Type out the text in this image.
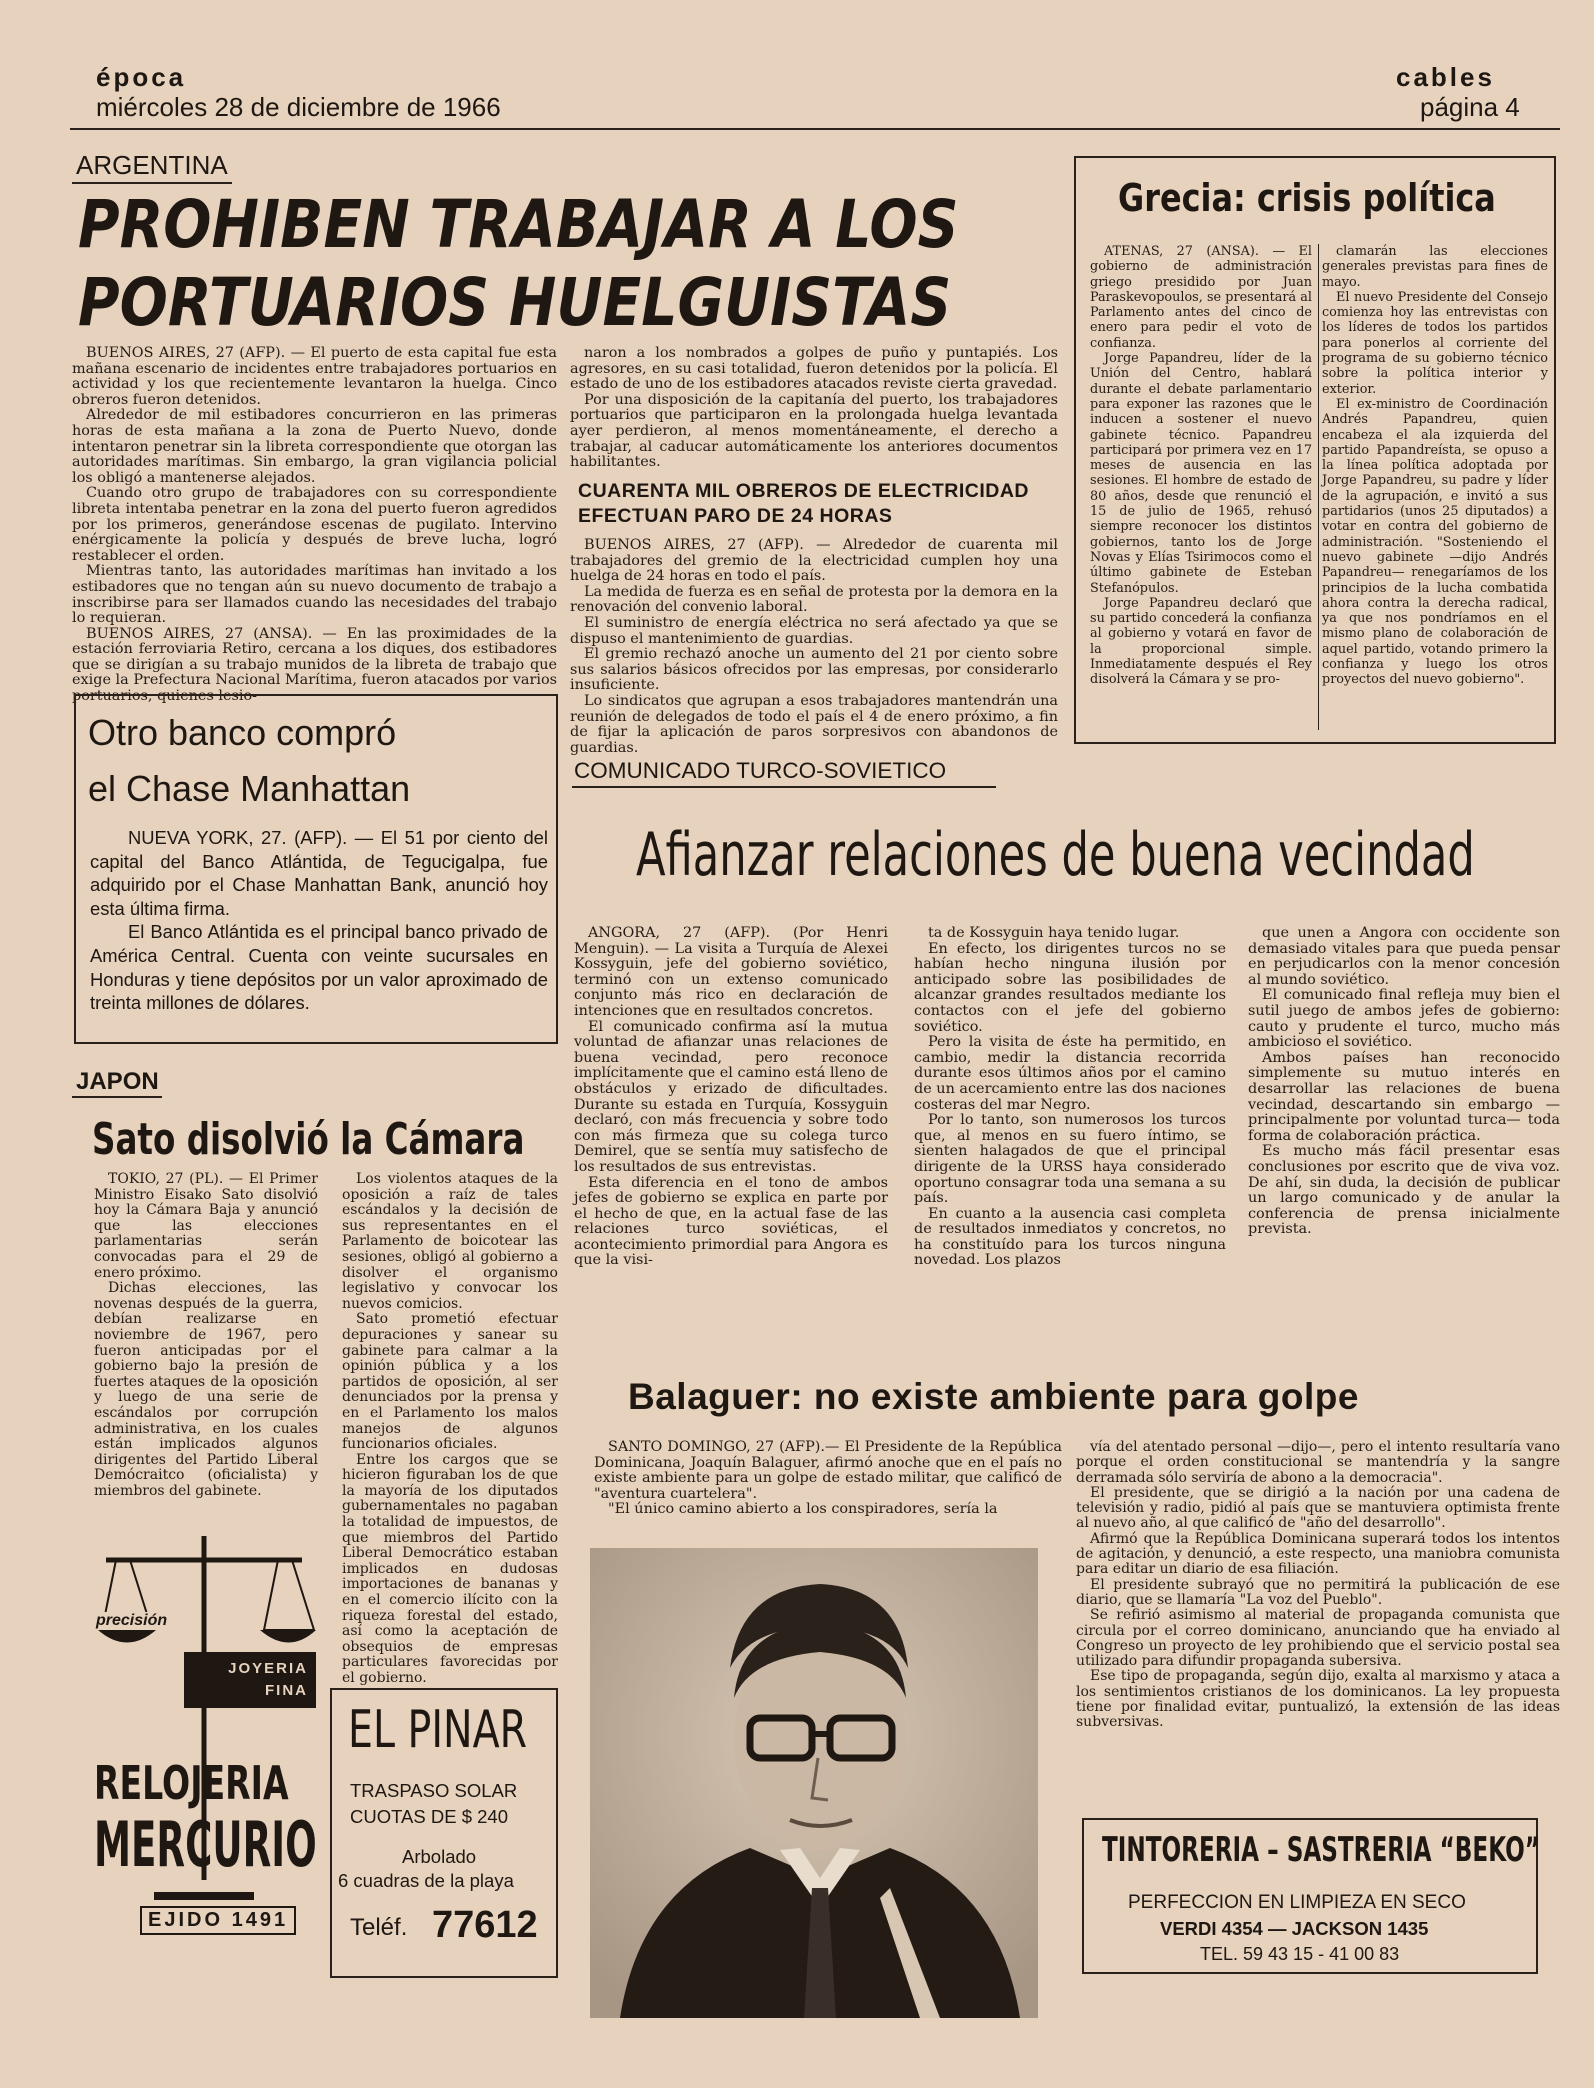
época
miércoles 28 de diciembre de 1966
cables
página 4
ARGENTINA
PROHIBEN TRABAJAR A LOS
PORTUARIOS HUELGUISTAS

BUENOS AIRES, 27 (AFP). — El puerto de esta capital fue esta mañana escenario de incidentes entre trabajadores portuarios en actividad y los que recientemente levantaron la huelga. Cinco obreros fueron detenidos.

Alrededor de mil estibadores concurrieron en las primeras horas de esta mañana a la zona de Puerto Nuevo, donde intentaron penetrar sin la libreta correspondiente que otorgan las autoridades marítimas. Sin embargo, la gran vigilancia policial los obligó a mantenerse alejados.

Cuando otro grupo de trabajadores con su correspondiente libreta intentaba penetrar en la zona del puerto fueron agredidos por los primeros, generándose escenas de pugilato. Intervino enérgicamente la policía y después de breve lucha, logró restablecer el orden.

Mientras tanto, las autoridades marítimas han invitado a los estibadores que no tengan aún su nuevo documento de trabajo a inscribirse para ser llamados cuando las necesidades del trabajo lo requieran.

BUENOS AIRES, 27 (ANSA). — En las proximidades de la estación ferroviaria Retiro, cercana a los diques, dos estibadores que se dirigían a su trabajo munidos de la libreta de trabajo que exige la Prefectura Nacional Marítima, fueron atacados por varios portuarios, quienes lesio-

naron a los nombrados a golpes de puño y puntapiés. Los agresores, en su casi totalidad, fueron detenidos por la policía. El estado de uno de los estibadores atacados reviste cierta gravedad.

Por una disposición de la capitanía del puerto, los trabajadores portuarios que participaron en la prolongada huelga levantada ayer perdieron, al menos momentáneamente, el derecho a trabajar, al caducar automáticamente los anteriores documentos habilitantes.

CUARENTA MIL OBREROS DE ELECTRICIDAD
EFECTUAN PARO DE 24 HORAS

BUENOS AIRES, 27 (AFP). — Alrededor de cuarenta mil trabajadores del gremio de la electricidad cumplen hoy una huelga de 24 horas en todo el país.

La medida de fuerza es en señal de protesta por la demora en la renovación del convenio laboral.

El suministro de energía eléctrica no será afectado ya que se dispuso el mantenimiento de guardias.

El gremio rechazó anoche un aumento del 21 por ciento sobre sus salarios básicos ofrecidos por las empresas, por considerarlo insuficiente.

Lo sindicatos que agrupan a esos trabajadores mantendrán una reunión de delegados de todo el país el 4 de enero próximo, a fin de fijar la aplicación de paros sorpresivos con abandonos de guardias.

Grecia: crisis política

ATENAS, 27 (ANSA). — El gobierno de administración griego presidido por Juan Paraskevopoulos, se presentará al Parlamento antes del cinco de enero para pedir el voto de confianza.

Jorge Papandreu, líder de la Unión del Centro, hablará durante el debate parlamentario para exponer las razones que le inducen a sostener el nuevo gabinete técnico. Papandreu participará por primera vez en 17 meses de ausencia en las sesiones. El hombre de estado de 80 años, desde que renunció el 15 de julio de 1965, rehusó siempre reconocer los distintos gobiernos, tanto los de Jorge Novas y Elías Tsirimocos como el último gabinete de Esteban Stefanópulos.

Jorge Papandreu declaró que su partido concederá la confianza al gobierno y votará en favor de la proporcional simple. Inmediatamente después el Rey disolverá la Cámara y se pro-

clamarán las elecciones generales previstas para fines de mayo.

El nuevo Presidente del Consejo comienza hoy las entrevistas con los líderes de todos los partidos para ponerlos al corriente del programa de su gobierno técnico sobre la política interior y exterior.

El ex-ministro de Coordinación Andrés Papandreu, quien encabeza el ala izquierda del partido Papandreísta, se opuso a la línea política adoptada por Jorge Papandreu, su padre y líder de la agrupación, e invitó a sus partidarios (unos 25 diputados) a votar en contra del gobierno de administración. "Sosteniendo el nuevo gabinete —dijo Andrés Papandreu— renegaríamos de los principios de la lucha combatida ahora contra la derecha radical, ya que nos pondríamos en el mismo plano de colaboración de aquel partido, votando primero la confianza y luego los otros proyectos del nuevo gobierno".

Otro banco compró
el Chase Manhattan

NUEVA YORK, 27. (AFP). — El 51 por ciento del capital del Banco Atlántida, de Tegucigalpa, fue adquirido por el Chase Manhattan Bank, anunció hoy esta última firma.

El Banco Atlántida es el principal banco privado de América Central. Cuenta con veinte sucursales en Honduras y tiene depósitos por un valor aproximado de treinta millones de dólares.

COMUNICADO TURCO-SOVIETICO
Afianzar relaciones de buena vecindad

ANGORA, 27 (AFP). (Por Henri Menguin). — La visita a Turquía de Alexei Kossyguin, jefe del gobierno soviético, terminó con un extenso comunicado conjunto más rico en declaración de intenciones que en resultados concretos.

El comunicado confirma así la mutua voluntad de afianzar unas relaciones de buena vecindad, pero reconoce implícitamente que el camino está lleno de obstáculos y erizado de dificultades. Durante su estada en Turquía, Kossyguin declaró, con más frecuencia y sobre todo con más firmeza que su colega turco Demirel, que se sentía muy satisfecho de los resultados de sus entrevistas.

Esta diferencia en el tono de ambos jefes de gobierno se explica en parte por el hecho de que, en la actual fase de las relaciones turco soviéticas, el acontecimiento primordial para Angora es que la visi-

ta de Kossyguin haya tenido lugar.

En efecto, los dirigentes turcos no se habían hecho ninguna ilusión por anticipado sobre las posibilidades de alcanzar grandes resultados mediante los contactos con el jefe del gobierno soviético.

Pero la visita de éste ha permitido, en cambio, medir la distancia recorrida durante esos últimos años por el camino de un acercamiento entre las dos naciones costeras del mar Negro.

Por lo tanto, son numerosos los turcos que, al menos en su fuero íntimo, se sienten halagados de que el principal dirigente de la URSS haya considerado oportuno consagrar toda una semana a su país.

En cuanto a la ausencia casi completa de resultados inmediatos y concretos, no ha constituído para los turcos ninguna novedad. Los plazos

que unen a Angora con occidente son demasiado vitales para que pueda pensar en perjudicarlos con la menor concesión al mundo soviético.

El comunicado final refleja muy bien el sutil juego de ambos jefes de gobierno: cauto y prudente el turco, mucho más ambicioso el soviético.

Ambos países han reconocido simplemente su mutuo interés en desarrollar las relaciones de buena vecindad, descartando sin embargo —principalmente por voluntad turca— toda forma de colaboración práctica.

Es mucho más fácil presentar esas conclusiones por escrito que de viva voz. De ahí, sin duda, la decisión de publicar un largo comunicado y de anular la conferencia de prensa inicialmente prevista.

JAPON
Sato disolvió la Cámara

TOKIO, 27 (PL). — El Primer Ministro Eisako Sato disolvió hoy la Cámara Baja y anunció que las elecciones parlamentarias serán convocadas para el 29 de enero próximo.

Dichas elecciones, las novenas después de la guerra, debían realizarse en noviembre de 1967, pero fueron anticipadas por el gobierno bajo la presión de fuertes ataques de la oposición y luego de una serie de escándalos por corrupción administrativa, en los cuales están implicados algunos dirigentes del Partido Liberal Demócraitco (oficialista) y miembros del gabinete.

Los violentos ataques de la oposición a raíz de tales escándalos y la decisión de sus representantes en el Parlamento de boicotear las sesiones, obligó al gobierno a disolver el organismo legislativo y convocar los nuevos comicios.

Sato prometió efectuar depuraciones y sanear su gabinete para calmar a la opinión pública y a los partidos de oposición, al ser denunciados por la prensa y en el Parlamento los malos manejos de algunos funcionarios oficiales.

Entre los cargos que se hicieron figuraban los de que la mayoría de los diputados gubernamentales no pagaban la totalidad de impuestos, de que miembros del Partido Liberal Democrático estaban implicados en dudosas importaciones de bananas y en el comercio ilícito con la riqueza forestal del estado, así como la aceptación de obsequios de empresas particulares favorecidas por el gobierno.

precisión
JOYERIA
FINA
RELOJERIA
MERCURIO
EJIDO 1491
EL PINAR
TRASPASO SOLAR
CUOTAS DE $ 240
Arbolado
6 cuadras de la playa
Teléf. 77612
Balaguer: no existe ambiente para golpe

SANTO DOMINGO, 27 (AFP).— El Presidente de la República Dominicana, Joaquín Balaguer, afirmó anoche que en el país no existe ambiente para un golpe de estado militar, que calificó de "aventura cuartelera".

"El único camino abierto a los conspiradores, sería la

vía del atentado personal —dijo—, pero el intento resultaría vano porque el orden constitucional se mantendría y la sangre derramada sólo serviría de abono a la democracia".

El presidente, que se dirigió a la nación por una cadena de televisión y radio, pidió al país que se mantuviera optimista frente al nuevo año, al que calificó de "año del desarrollo".

Afirmó que la República Dominicana superará todos los intentos de agitación, y denunció, a este respecto, una maniobra comunista para editar un diario de esa filiación.

El presidente subrayó que no permitirá la publicación de ese diario, que se llamaría "La voz del Pueblo".

Se refirió asimismo al material de propaganda comunista que circula por el correo dominicano, anunciando que ha enviado al Congreso un proyecto de ley prohibiendo que el servicio postal sea utilizado para difundir propaganda subersiva.

Ese tipo de propaganda, según dijo, exalta al marxismo y ataca a los sentimientos cristianos de los dominicanos. La ley propuesta tiene por finalidad evitar, puntualizó, la extensión de las ideas subversivas.

TINTORERIA – SASTRERIA “BEKO”
PERFECCION EN LIMPIEZA EN SECO
VERDI 4354 — JACKSON 1435
TEL. 59 43 15 - 41 00 83
